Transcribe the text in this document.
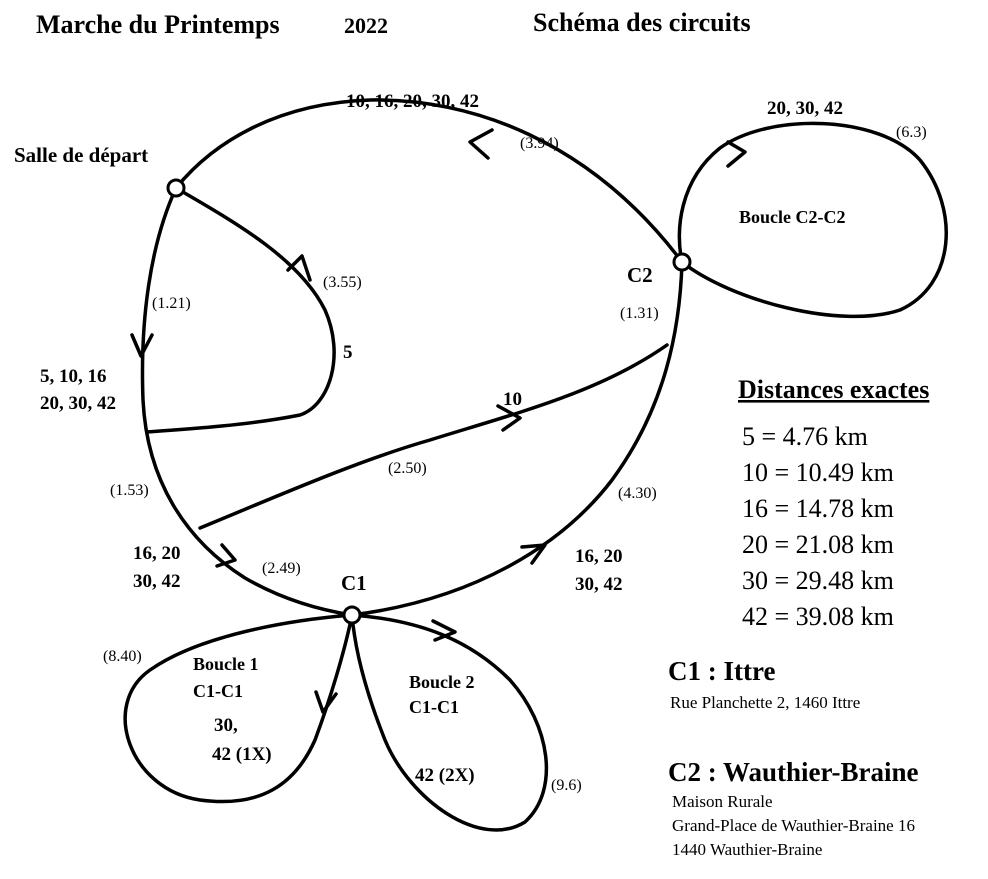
Marche du Printemps	2022	Schéma des circuits
Salle de départ
C1
C2
10, 16, 20, 30, 42	20, 30, 42
5, 10, 16
20, 30, 42
5
10
16, 20
30, 42
16, 20
30, 42
30,
42 (1X)
42 (2X)
(3.94)
(6.3)
(1.21)
(3.55)
(1.31)
(1.53)
(2.50)
(4.30)
(2.49)
(8.40)
(9.6)
Boucle C2-C2
Boucle 1
C1-C1	Boucle 2
C1-C1
Distances exactes
5 = 4.76 km
10 = 10.49 km
16 = 14.78 km
20 = 21.08 km
30 = 29.48 km
42 = 39.08 km
C1 : Ittre
Rue Planchette 2, 1460 Ittre
C2 : Wauthier-Braine
Maison Rurale
Grand-Place de Wauthier-Braine 16
1440 Wauthier-Braine
